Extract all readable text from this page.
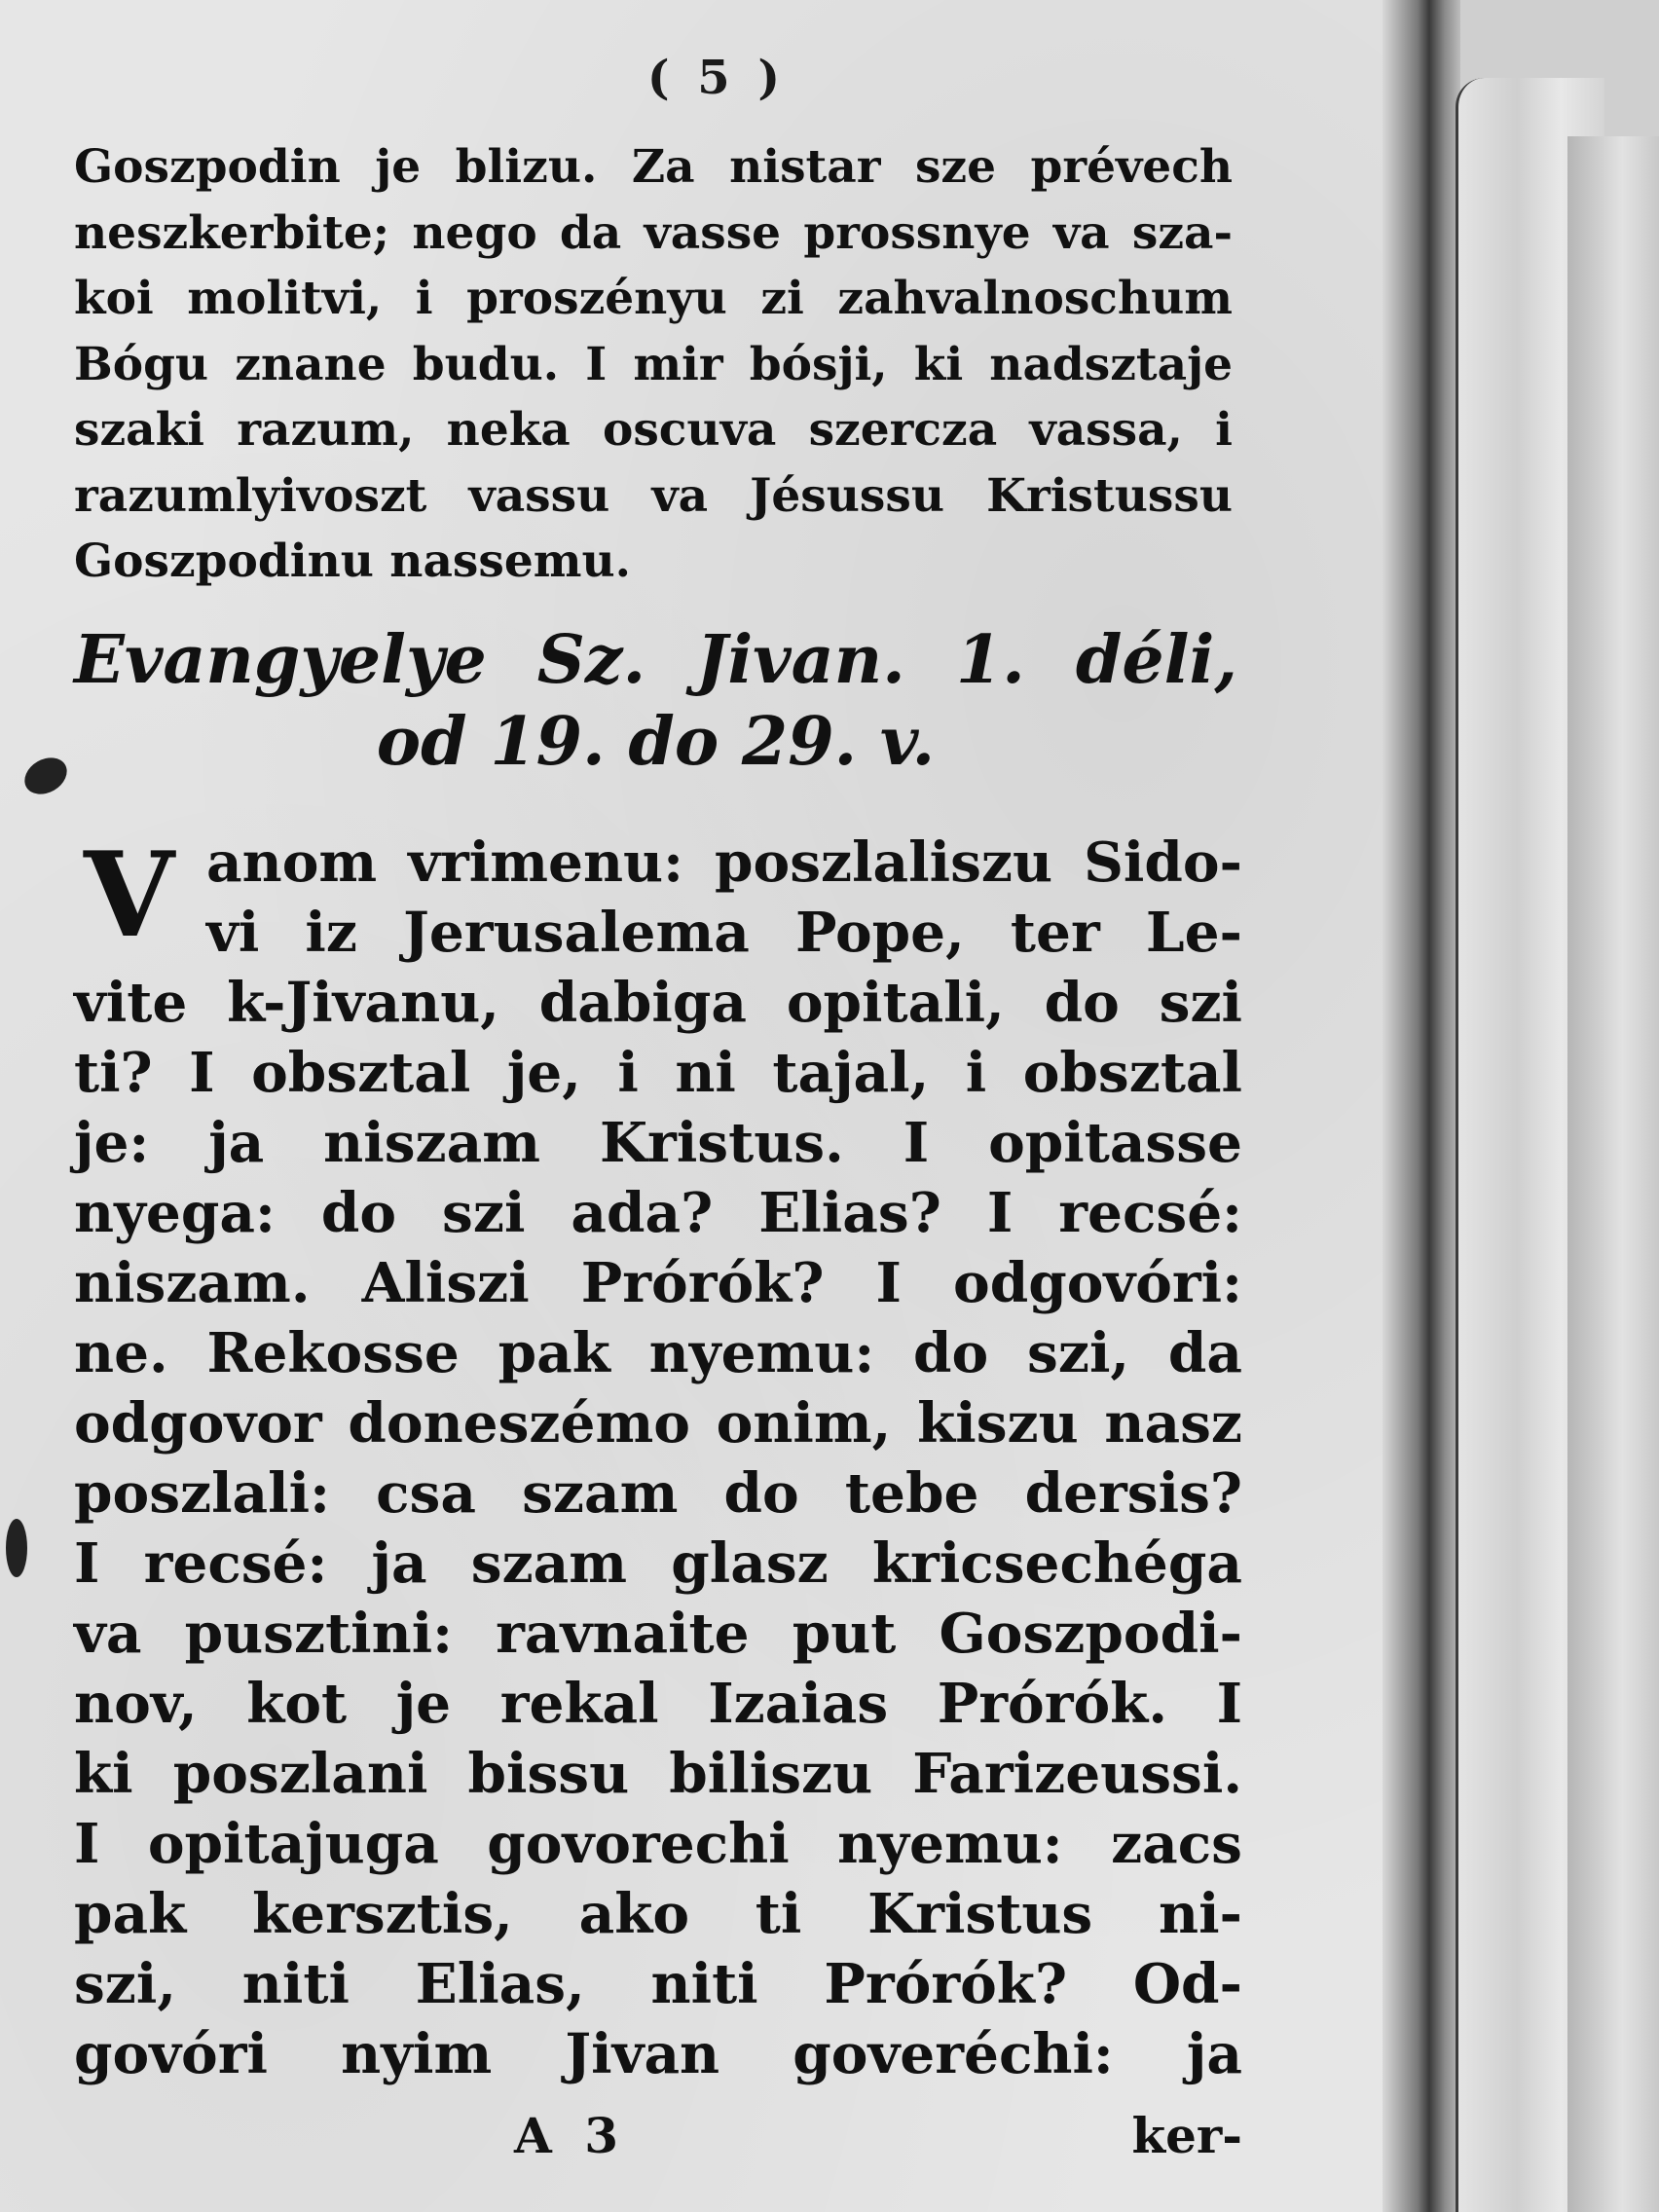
( 5 )
Goszpodin je blizu. Za nistar sze prévech
neszkerbite; nego da vasse prossnye va sza-
koi molitvi, i proszényu zi zahvalnoschum
Bógu znane budu. I mir bósji, ki nadsztaje
szaki razum, neka oscuva szercza vassa, i
razumlyivoszt vassu va Jésussu Kristussu
Goszpodinu nassemu.
Evangyelye Sz. Jivan. 1. déli,
od 19. do 29. v.
V anom vrimenu: poszlaliszu Sido-
vi iz Jerusalema Pope, ter Le-
vite k-Jivanu, dabiga opitali, do szi
ti? I obsztal je, i ni tajal, i obsztal
je: ja niszam Kristus. I opitasse
nyega: do szi ada? Elias? I recsé:
niszam. Aliszi Prórók? I odgovóri:
ne. Rekosse pak nyemu: do szi, da
odgovor doneszémo onim, kiszu nasz
poszlali: csa szam do tebe dersis?
I recsé: ja szam glasz kricsechéga
va pusztini: ravnaite put Goszpodi-
nov, kot je rekal Izaias Prórók. I
ki poszlani bissu biliszu Farizeussi.
I opitajuga govorechi nyemu: zacs
pak kersztis, ako ti Kristus ni-
szi, niti Elias, niti Prórók? Od-
govóri nyim Jivan goveréchi: ja
A 3	ker-
